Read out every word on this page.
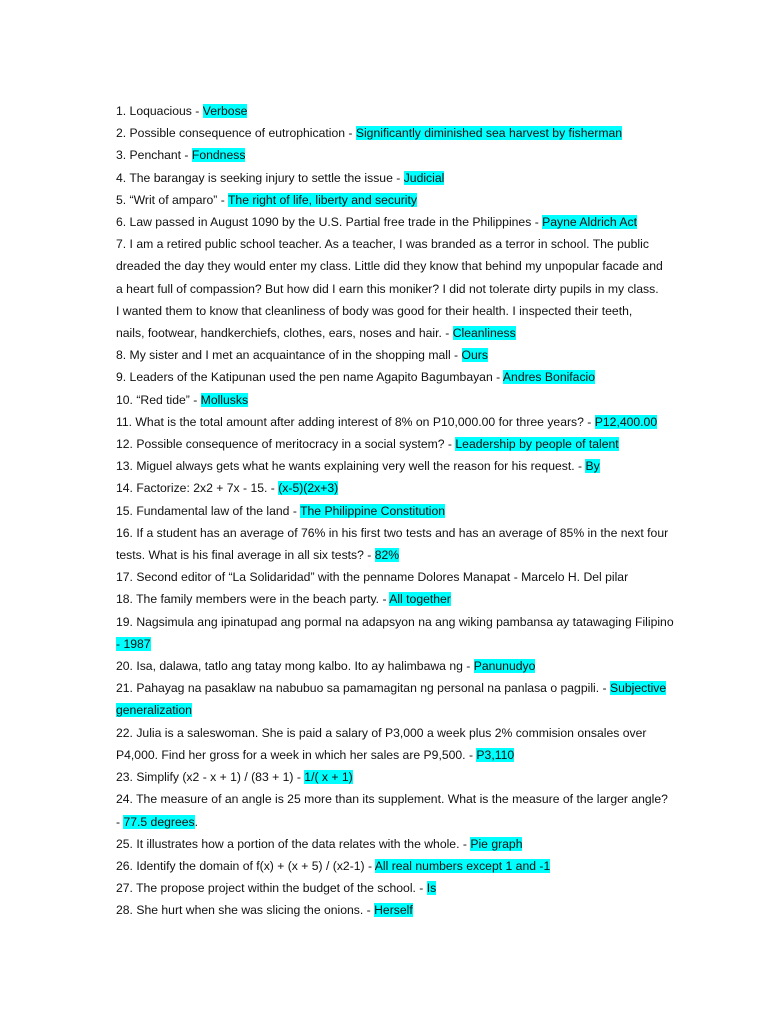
1. Loquacious - Verbose
2. Possible consequence of eutrophication - Significantly diminished sea harvest by fisherman
3. Penchant - Fondness
4. The barangay is seeking injury to settle the issue - Judicial
5. “Writ of amparo” - The right of life, liberty and security
6. Law passed in August 1090 by the U.S. Partial free trade in the Philippines - Payne Aldrich Act
7. I am a retired public school teacher. As a teacher, I was branded as a terror in school. The public
dreaded the day they would enter my class. Little did they know that behind my unpopular facade and
a heart full of compassion? But how did I earn this moniker? I did not tolerate dirty pupils in my class.
I wanted them to know that cleanliness of body was good for their health. I inspected their teeth,
nails, footwear, handkerchiefs, clothes, ears, noses and hair. - Cleanliness
8. My sister and I met an acquaintance of in the shopping mall - Ours
9. Leaders of the Katipunan used the pen name Agapito Bagumbayan - Andres Bonifacio
10. “Red tide” - Mollusks
11. What is the total amount after adding interest of 8% on P10,000.00 for three years? - P12,400.00
12. Possible consequence of meritocracy in a social system? - Leadership by people of talent
13. Miguel always gets what he wants explaining very well the reason for his request. - By
14. Factorize: 2x2 + 7x - 15. - (x-5)(2x+3)
15. Fundamental law of the land - The Philippine Constitution
16. If a student has an average of 76% in his first two tests and has an average of 85% in the next four
tests. What is his final average in all six tests? - 82%
17. Second editor of “La Solidaridad” with the penname Dolores Manapat - Marcelo H. Del pilar
18. The family members were in the beach party. - All together
19. Nagsimula ang ipinatupad ang pormal na adapsyon na ang wiking pambansa ay tatawaging Filipino
- 1987
20. Isa, dalawa, tatlo ang tatay mong kalbo. Ito ay halimbawa ng - Panunudyo
21. Pahayag na pasaklaw na nabubuo sa pamamagitan ng personal na panlasa o pagpili. - Subjective
generalization
22. Julia is a saleswoman. She is paid a salary of P3,000 a week plus 2% commision onsales over
P4,000. Find her gross for a week in which her sales are P9,500. - P3,110
23. Simplify (x2 - x + 1) / (83 + 1) - 1/( x + 1)
24. The measure of an angle is 25 more than its supplement. What is the measure of the larger angle?
- 77.5 degrees.
25. It illustrates how a portion of the data relates with the whole. - Pie graph
26. Identify the domain of f(x) + (x + 5) / (x2-1) - All real numbers except 1 and -1
27. The propose project within the budget of the school. - Is
28. She hurt when she was slicing the onions. - Herself
